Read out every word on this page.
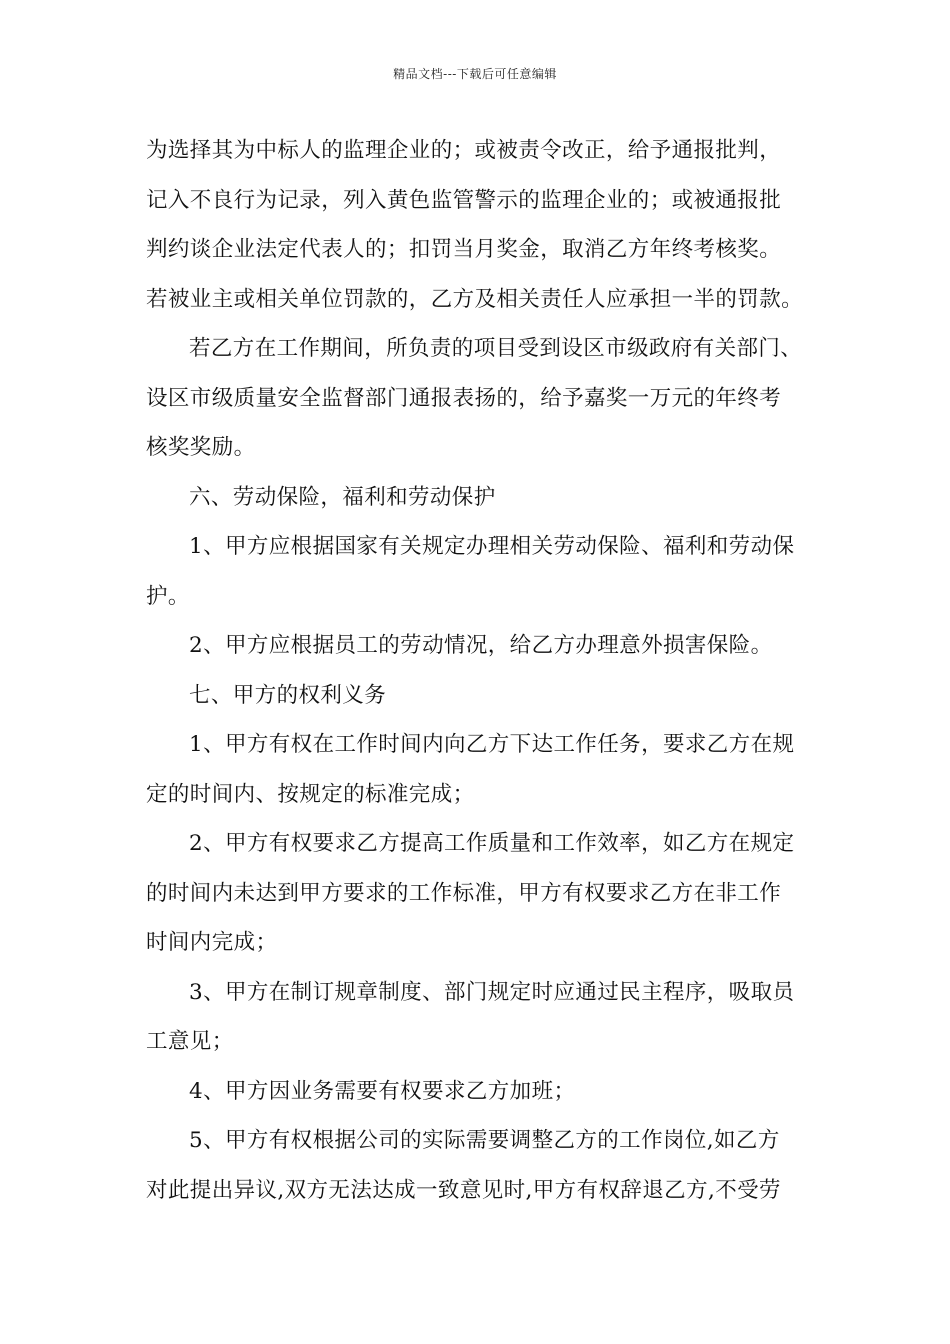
精品文档---下载后可任意编辑
为选择其为中标人的监理企业的；或被责令改正，给予通报批判，
记入不良行为记录，列入黄色监管警示的监理企业的；或被通报批
判约谈企业法定代表人的；扣罚当月奖金，取消乙方年终考核奖。
若被业主或相关单位罚款的，乙方及相关责任人应承担一半的罚款。
若乙方在工作期间，所负责的项目受到设区市级政府有关部门、
设区市级质量安全监督部门通报表扬的，给予嘉奖一万元的年终考
核奖奖励。
六、劳动保险，福利和劳动保护
1、甲方应根据国家有关规定办理相关劳动保险、福利和劳动保
护。
2、甲方应根据员工的劳动情况，给乙方办理意外损害保险。
七、甲方的权利义务
1、甲方有权在工作时间内向乙方下达工作任务，要求乙方在规
定的时间内、按规定的标准完成；
2、甲方有权要求乙方提高工作质量和工作效率，如乙方在规定
的时间内未达到甲方要求的工作标准，甲方有权要求乙方在非工作
时间内完成；
3、甲方在制订规章制度、部门规定时应通过民主程序，吸取员
工意见；
4、甲方因业务需要有权要求乙方加班；
5、甲方有权根据公司的实际需要调整乙方的工作岗位,如乙方
对此提出异议,双方无法达成一致意见时,甲方有权辞退乙方,不受劳
